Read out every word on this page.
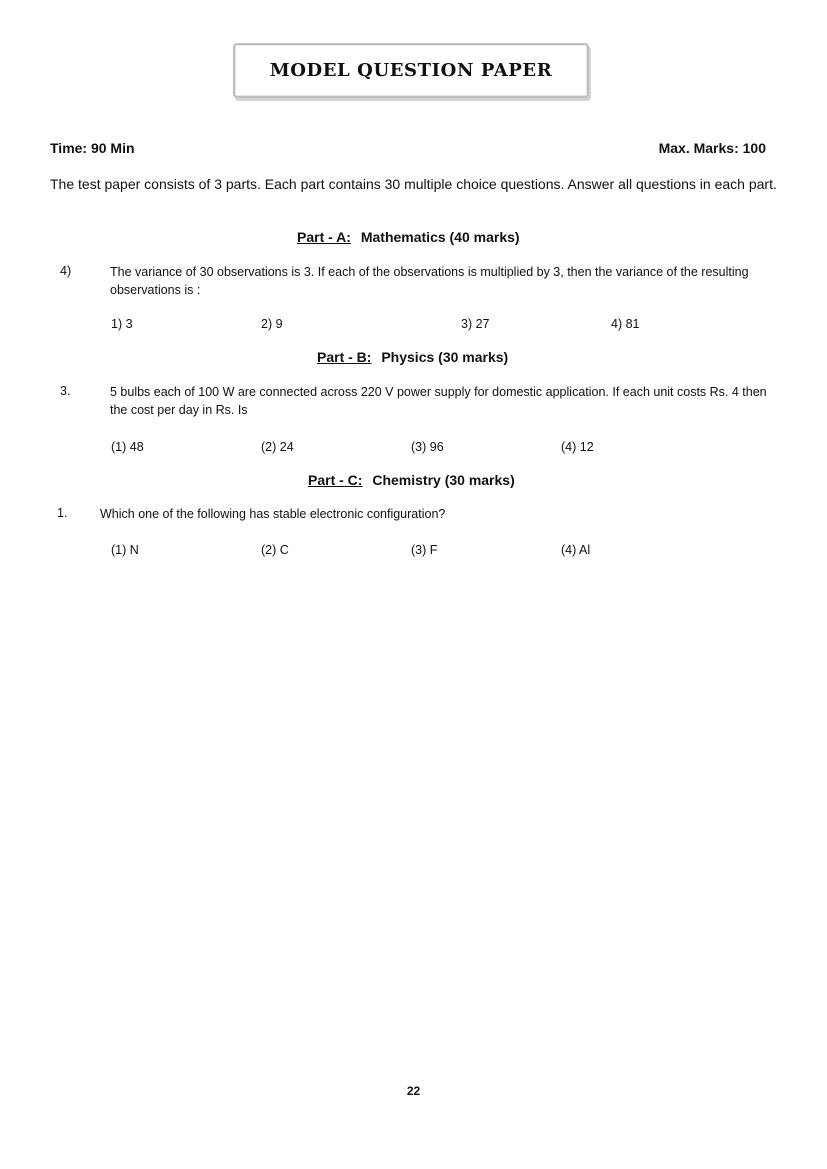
MODEL QUESTION PAPER
Time: 90 Min	Max. Marks: 100
The test paper consists of 3 parts. Each part contains 30 multiple choice questions. Answer all questions in each part.
Part - A: Mathematics (40 marks)
4)	The variance of 30 observations is 3. If each of the observations is multiplied by 3, then the variance of the resulting observations is :
1) 3	2) 9	3) 27	4) 81
Part - B: Physics (30 marks)
3.	5 bulbs each of 100 W are connected across 220 V power supply for domestic application. If each unit costs Rs. 4 then the cost per day in Rs. Is
(1) 48	(2) 24	(3) 96	(4) 12
Part - C: Chemistry (30 marks)
1.	Which one of the following has stable electronic configuration?
(1) N	(2) C	(3) F	(4) Al
22
